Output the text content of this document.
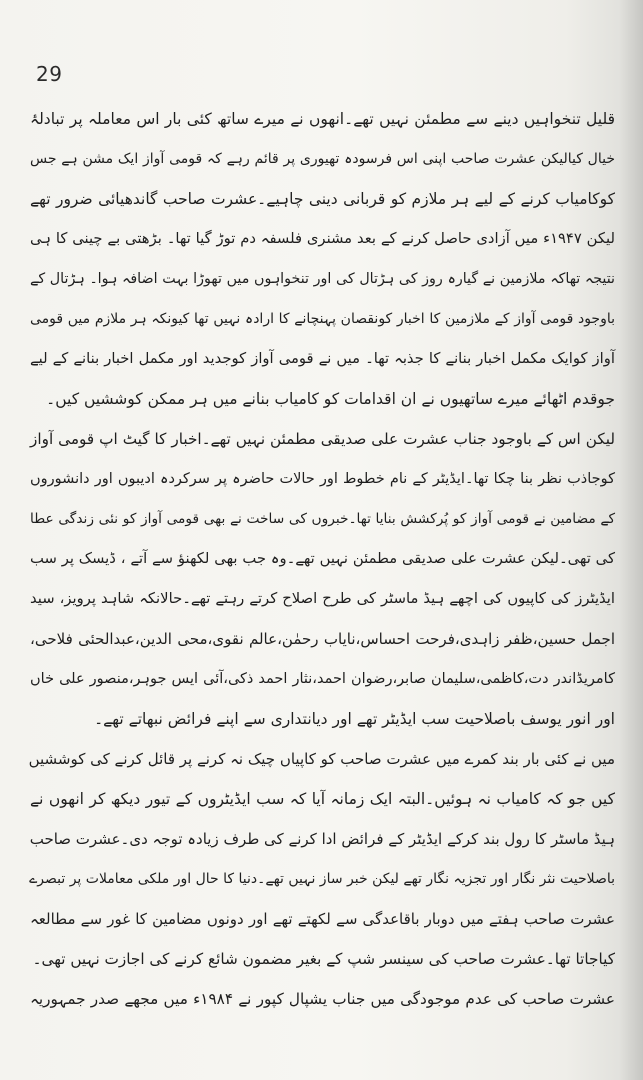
29

قلیل تنخواہیں دینے سے مطمئن نہیں تھے۔انھوں نے میرے ساتھ کئی بار اس معاملہ پر تبادلۂ

خیال کیالیکن عشرت صاحب اپنی اس فرسودہ تھیوری پر قائم رہے کہ قومی آواز ایک مشن ہے جس

کوکامیاب کرنے کے لیے ہر ملازم کو قربانی دینی چاہیے۔عشرت صاحب گاندھیائی ضرور تھے

لیکن ۱۹۴۷ء میں آزادی حاصل کرنے کے بعد مشنری فلسفہ دم توڑ گیا تھا۔ بڑھتی بے چینی کا ہی

نتیجہ تھاکہ ملازمین نے گیارہ روز کی ہڑتال کی اور تنخواہوں میں تھوڑا بہت اضافہ ہوا۔ ہڑتال کے

باوجود قومی آواز کے ملازمین کا اخبار کونقصان پہنچانے کا ارادہ نہیں تھا کیونکہ ہر ملازم میں قومی

آواز کوایک مکمل اخبار بنانے کا جذبہ تھا۔ میں نے قومی آواز کوجدید اور مکمل اخبار بنانے کے لیے

جوقدم اٹھائے میرے ساتھیوں نے ان اقدامات کو کامیاب بنانے میں ہر ممکن کوششیں کیں۔

لیکن اس کے باوجود جناب عشرت علی صدیقی مطمئن نہیں تھے۔اخبار کا گیٹ اپ قومی آواز

کوجاذب نظر بنا چکا تھا۔ایڈیٹر کے نام خطوط اور حالات حاضرہ پر سرکردہ ادیبوں اور دانشوروں

کے مضامین نے قومی آواز کو پُرکشش بنایا تھا۔خبروں کی ساخت نے بھی قومی آواز کو نئی زندگی عطا

کی تھی۔لیکن عشرت علی صدیقی مطمئن نہیں تھے۔وہ جب بھی لکھنؤ سے آتے ، ڈیسک پر سب

ایڈیٹرز کی کاپیوں کی اچھے ہیڈ ماسٹر کی طرح اصلاح کرتے رہتے تھے۔حالانکہ شاہد پرویز، سید

اجمل حسین،ظفر زاہدی،فرحت احساس،نایاب رحمٰن،عالم نقوی،محی الدین،عبدالحئی فلاحی،

کامریڈاندر دت،کاظمی،سلیمان صابر،رضوان احمد،نثار احمد ذکی،آئی ایس جوہر،منصور علی خاں

اور انور یوسف باصلاحیت سب ایڈیٹر تھے اور دیانتداری سے اپنے فرائض نبھاتے تھے۔

میں نے کئی بار بند کمرے میں عشرت صاحب کو کاپیاں چیک نہ کرنے پر قائل کرنے کی کوششیں

کیں جو کہ کامیاب نہ ہوئیں۔البتہ ایک زمانہ آیا کہ سب ایڈیٹروں کے تیور دیکھ کر انھوں نے

ہیڈ ماسٹر کا رول بند کرکے ایڈیٹر کے فرائض ادا کرنے کی طرف زیادہ توجہ دی۔عشرت صاحب

باصلاحیت نثر نگار اور تجزیہ نگار تھے لیکن خبر ساز نہیں تھے۔دنیا کا حال اور ملکی معاملات پر تبصرے

عشرت صاحب ہفتے میں دوبار باقاعدگی سے لکھتے تھے اور دونوں مضامین کا غور سے مطالعہ

کیاجاتا تھا۔عشرت صاحب کی سینسر شپ کے بغیر مضمون شائع کرنے کی اجازت نہیں تھی۔

عشرت صاحب کی عدم موجودگی میں جناب یشپال کپور نے ۱۹۸۴ء میں مجھے صدر جمہوریہ
